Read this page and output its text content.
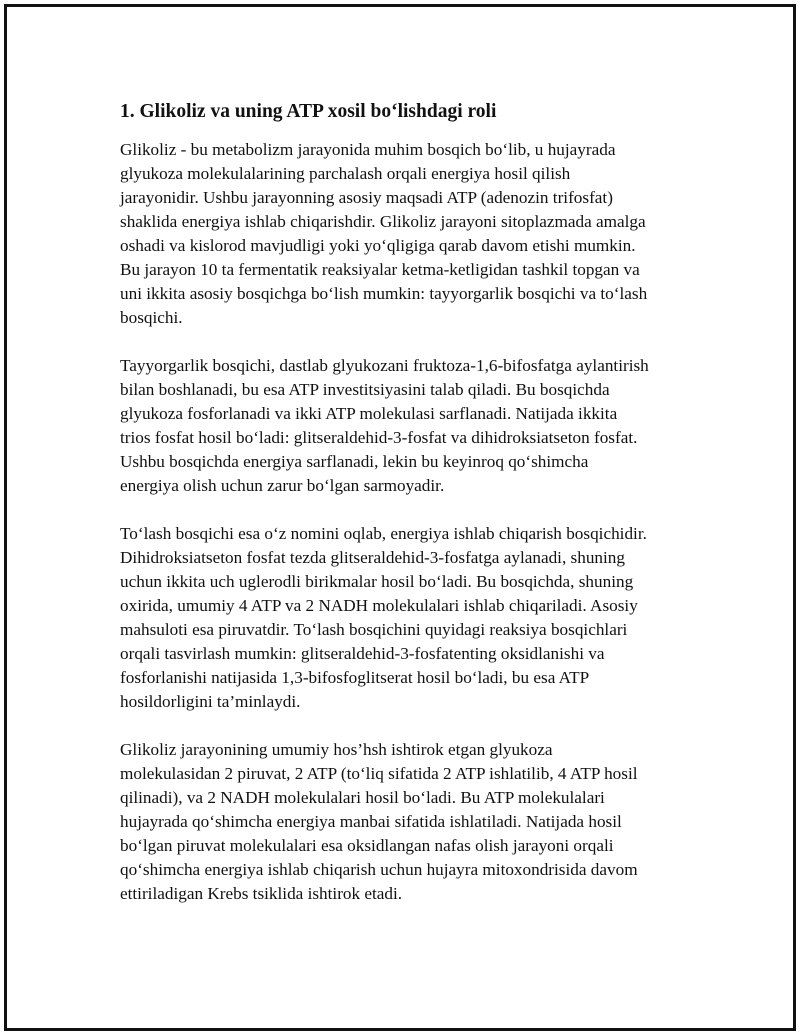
1. Glikoliz va uning ATP xosil bo‘lishdagi roli

Glikoliz - bu metabolizm jarayonida muhim bosqich bo‘lib, u hujayrada
glyukoza molekulalarining parchalash orqali energiya hosil qilish
jarayonidir. Ushbu jarayonning asosiy maqsadi ATP (adenozin trifosfat)
shaklida energiya ishlab chiqarishdir. Glikoliz jarayoni sitoplazmada amalga
oshadi va kislorod mavjudligi yoki yo‘qligiga qarab davom etishi mumkin.
Bu jarayon 10 ta fermentatik reaksiyalar ketma-ketligidan tashkil topgan va
uni ikkita asosiy bosqichga bo‘lish mumkin: tayyorgarlik bosqichi va to‘lash
bosqichi.

Tayyorgarlik bosqichi, dastlab glyukozani fruktoza-1,6-bifosfatga aylantirish
bilan boshlanadi, bu esa ATP investitsiyasini talab qiladi. Bu bosqichda
glyukoza fosforlanadi va ikki ATP molekulasi sarflanadi. Natijada ikkita
trios fosfat hosil bo‘ladi: glitseraldehid-3-fosfat va dihidroksiatseton fosfat.
Ushbu bosqichda energiya sarflanadi, lekin bu keyinroq qo‘shimcha
energiya olish uchun zarur bo‘lgan sarmoyadir.

To‘lash bosqichi esa o‘z nomini oqlab, energiya ishlab chiqarish bosqichidir.
Dihidroksiatseton fosfat tezda glitseraldehid-3-fosfatga aylanadi, shuning
uchun ikkita uch uglerodli birikmalar hosil bo‘ladi. Bu bosqichda, shuning
oxirida, umumiy 4 ATP va 2 NADH molekulalari ishlab chiqariladi. Asosiy
mahsuloti esa piruvatdir. To‘lash bosqichini quyidagi reaksiya bosqichlari
orqali tasvirlash mumkin: glitseraldehid-3-fosfatenting oksidlanishi va
fosforlanishi natijasida 1,3-bifosfoglitserat hosil bo‘ladi, bu esa ATP
hosildorligini ta’minlaydi.

Glikoliz jarayonining umumiy hos’hsh ishtirok etgan glyukoza
molekulasidan 2 piruvat, 2 ATP (to‘liq sifatida 2 ATP ishlatilib, 4 ATP hosil
qilinadi), va 2 NADH molekulalari hosil bo‘ladi. Bu ATP molekulalari
hujayrada qo‘shimcha energiya manbai sifatida ishlatiladi. Natijada hosil
bo‘lgan piruvat molekulalari esa oksidlangan nafas olish jarayoni orqali
qo‘shimcha energiya ishlab chiqarish uchun hujayra mitoxondrisida davom
ettiriladigan Krebs tsiklida ishtirok etadi.
